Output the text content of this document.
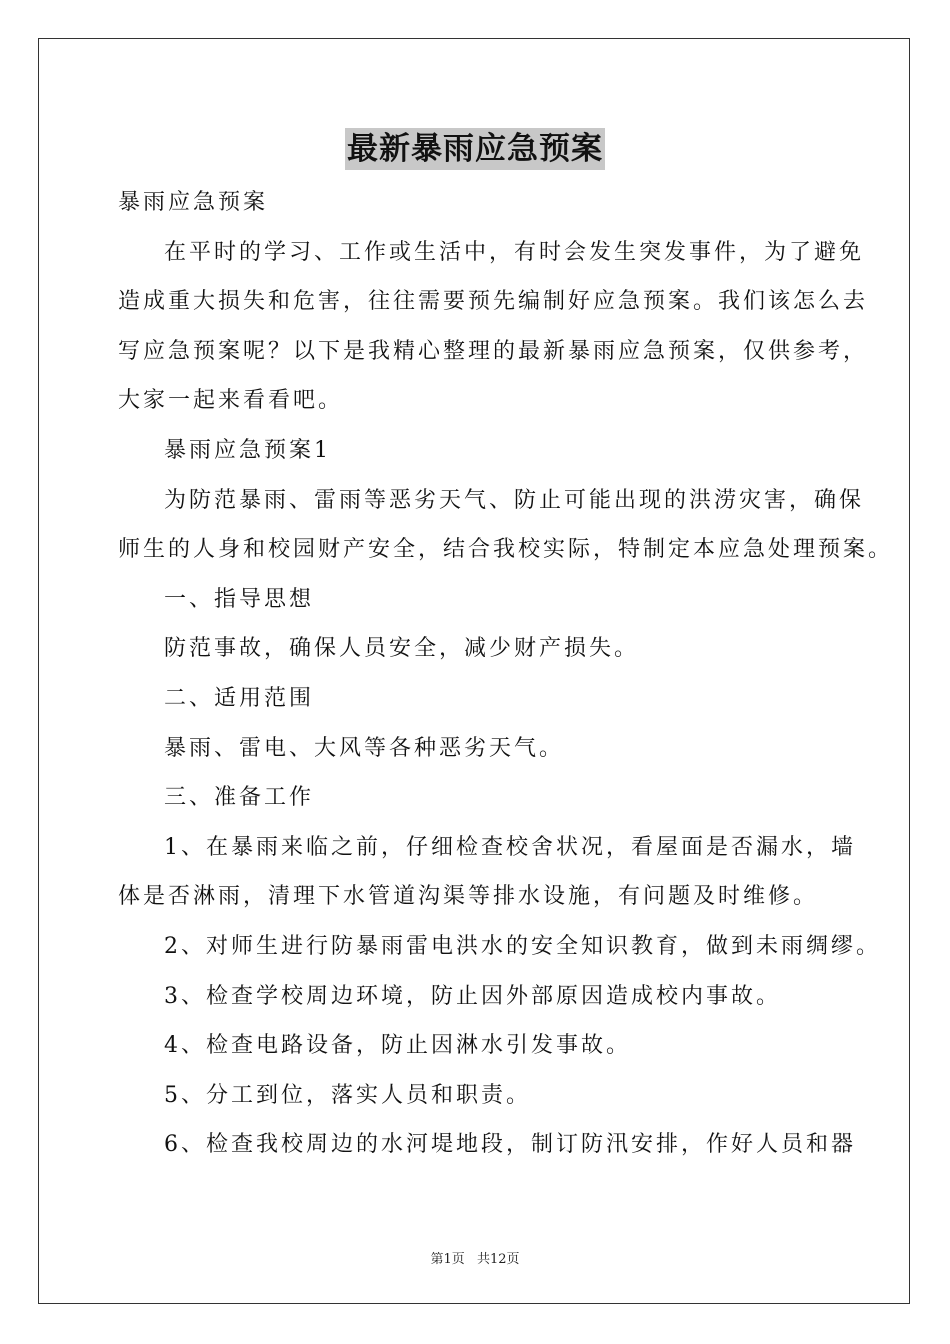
最新暴雨应急预案
暴雨应急预案
在平时的学习、工作或生活中，有时会发生突发事件，为了避免
造成重大损失和危害，往往需要预先编制好应急预案。我们该怎么去
写应急预案呢？以下是我精心整理的最新暴雨应急预案，仅供参考，
大家一起来看看吧。
暴雨应急预案1
为防范暴雨、雷雨等恶劣天气、防止可能出现的洪涝灾害，确保
师生的人身和校园财产安全，结合我校实际，特制定本应急处理预案。
一、指导思想
防范事故，确保人员安全，减少财产损失。
二、适用范围
暴雨、雷电、大风等各种恶劣天气。
三、准备工作
1、在暴雨来临之前，仔细检查校舍状况，看屋面是否漏水，墙
体是否淋雨，清理下水管道沟渠等排水设施，有问题及时维修。
2、对师生进行防暴雨雷电洪水的安全知识教育，做到未雨绸缪。
3、检查学校周边环境，防止因外部原因造成校内事故。
4、检查电路设备，防止因淋水引发事故。
5、分工到位，落实人员和职责。
6、检查我校周边的水河堤地段，制订防汛安排，作好人员和器
第1页 共12页
